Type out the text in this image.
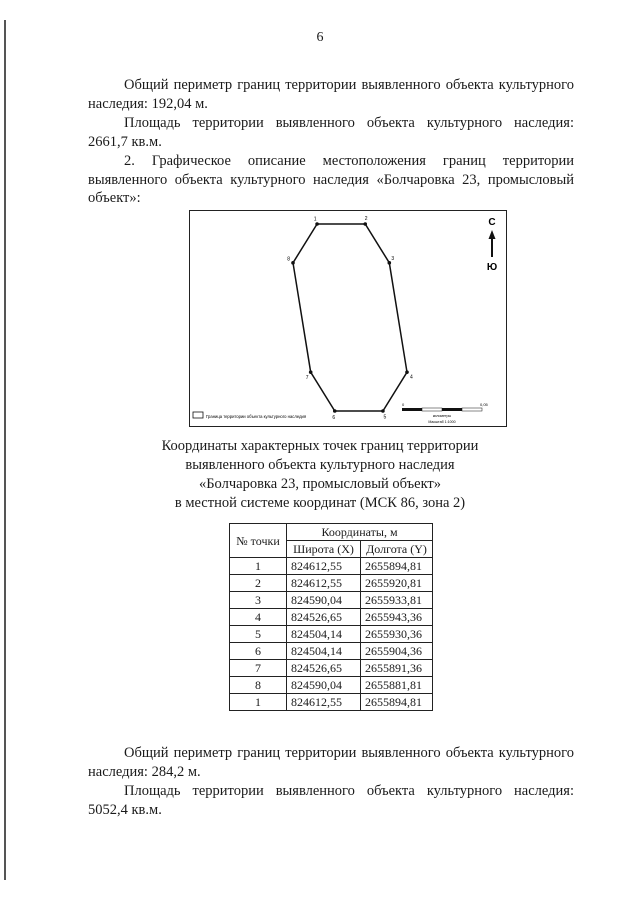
6

Общий периметр границ территории выявленного объекта культурного наследия: 192,04 м.

Площадь территории выявленного объекта культурного наследия: 2661,7 кв.м.

2. Графическое описание местоположения границ территории выявленного объекта культурного наследия «Болчаровка 23, промысловый объект»:

1	2
3
4
5
6
7
8
С
Ю
Граница территории объекта культурного наследия
0	0,05
километры
Масштаб 1:1000
Координаты характерных точек границ территории
выявленного объекта культурного наследия
«Болчаровка 23, промысловый объект»
в местной системе координат (МСК 86, зона 2)
№ точки	Координаты, м	
	Широта (X)	Долгота (Y)
1	824612,55	2655894,81
2	824612,55	2655920,81
3	824590,04	2655933,81
4	824526,65	2655943,36
5	824504,14	2655930,36
6	824504,14	2655904,36
7	824526,65	2655891,36
8	824590,04	2655881,81
1	824612,55	2655894,81

Общий периметр границ территории выявленного объекта культурного наследия: 284,2 м.

Площадь территории выявленного объекта культурного наследия: 5052,4 кв.м.
